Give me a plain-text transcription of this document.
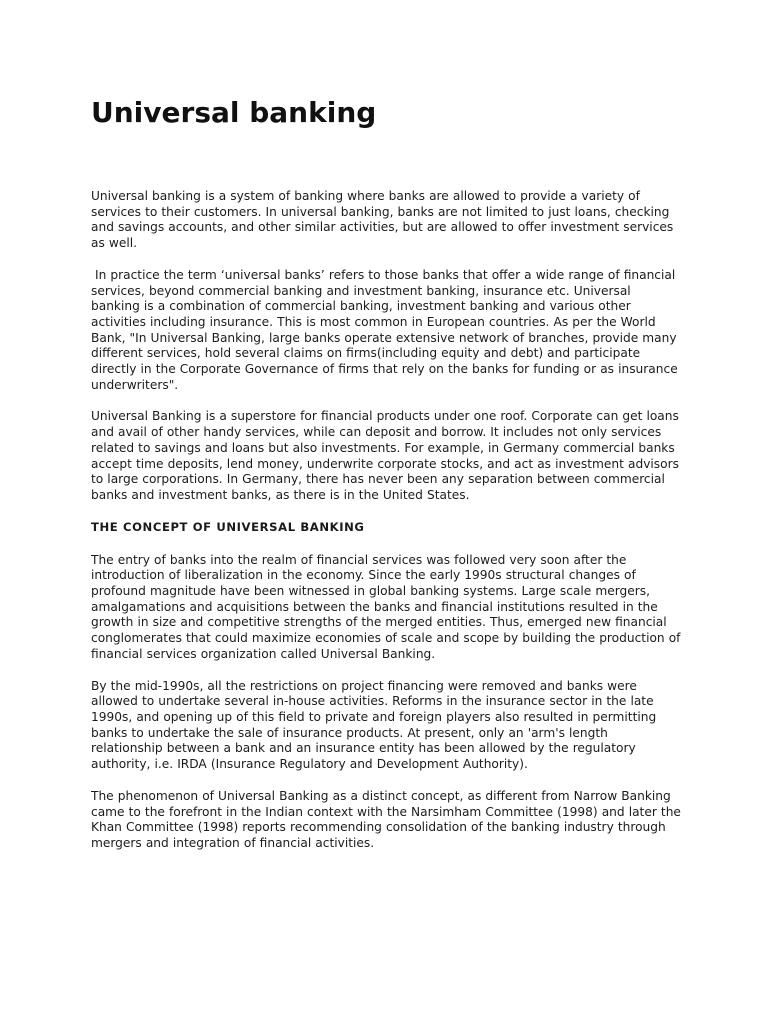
Universal banking

Universal banking is a system of banking where banks are allowed to provide a variety of services to their customers. In universal banking, banks are not limited to just loans, checking and savings accounts, and other similar activities, but are allowed to offer investment services as well.

In practice the term ‘universal banks’ refers to those banks that offer a wide range of financial services, beyond commercial banking and investment banking, insurance etc. Universal banking is a combination of commercial banking, investment banking and various other activities including insurance. This is most common in European countries. As per the World Bank, "In Universal Banking, large banks operate extensive network of branches, provide many different services, hold several claims on firms(including equity and debt) and participate directly in the Corporate Governance of firms that rely on the banks for funding or as insurance underwriters".

Universal Banking is a superstore for financial products under one roof. Corporate can get loans and avail of other handy services, while can deposit and borrow. It includes not only services related to savings and loans but also investments. For example, in Germany commercial banks accept time deposits, lend money, underwrite corporate stocks, and act as investment advisors to large corporations. In Germany, there has never been any separation between commercial banks and investment banks, as there is in the United States.

THE CONCEPT OF UNIVERSAL BANKING

The entry of banks into the realm of financial services was followed very soon after the introduction of liberalization in the economy. Since the early 1990s structural changes of profound magnitude have been witnessed in global banking systems. Large scale mergers, amalgamations and acquisitions between the banks and financial institutions resulted in the growth in size and competitive strengths of the merged entities. Thus, emerged new financial conglomerates that could maximize economies of scale and scope by building the production of financial services organization called Universal Banking.

By the mid-1990s, all the restrictions on project financing were removed and banks were allowed to undertake several in-house activities. Reforms in the insurance sector in the late 1990s, and opening up of this field to private and foreign players also resulted in permitting banks to undertake the sale of insurance products. At present, only an 'arm's length relationship between a bank and an insurance entity has been allowed by the regulatory authority, i.e. IRDA (Insurance Regulatory and Development Authority).

The phenomenon of Universal Banking as a distinct concept, as different from Narrow Banking came to the forefront in the Indian context with the Narsimham Committee (1998) and later the Khan Committee (1998) reports recommending consolidation of the banking industry through mergers and integration of financial activities.
